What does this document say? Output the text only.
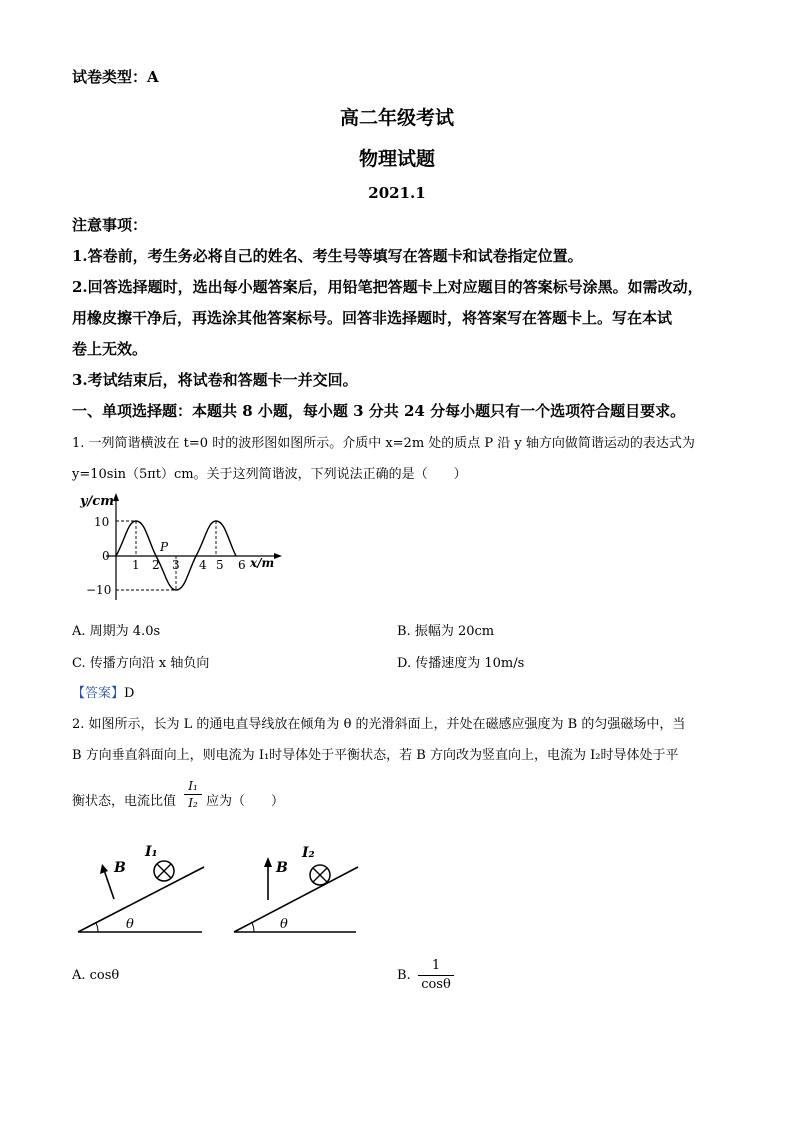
试卷类型：A
高二年级考试
物理试题
2021.1
注意事项：
1.答卷前，考生务必将自己的姓名、考生号等填写在答题卡和试卷指定位置。
2.回答选择题时，选出每小题答案后，用铅笔把答题卡上对应题目的答案标号涂黑。如需改动，
用橡皮擦干净后，再选涂其他答案标号。回答非选择题时，将答案写在答题卡上。写在本试
卷上无效。
3.考试结束后，将试卷和答题卡一并交回。
一、单项选择题：本题共 8 小题，每小题 3 分共 24 分每小题只有一个选项符合题目要求。
1. 一列简谐横波在 t=0 时的波形图如图所示。介质中 x=2m 处的质点 P 沿 y 轴方向做简谐运动的表达式为
y=10sin（5πt）cm。关于这列简谐波，下列说法正确的是（　　）
y/cm
10
0
−10
1 2 3 4 5 6 x/m
P
A. 周期为 4.0s	B. 振幅为 20cm
C. 传播方向沿 x 轴负向	D. 传播速度为 10m/s
【答案】D
2. 如图所示，长为 L 的通电直导线放在倾角为 θ 的光滑斜面上，并处在磁感应强度为 B 的匀强磁场中，当
B 方向垂直斜面向上，则电流为 I₁时导体处于平衡状态，若 B 方向改为竖直向上，电流为 I₂时导体处于平
衡状态，电流比值 应为（　　）
I₁
I₂
θ
I₁
B
θ
I₂
B
A. cosθ	B.
1
cosθ
